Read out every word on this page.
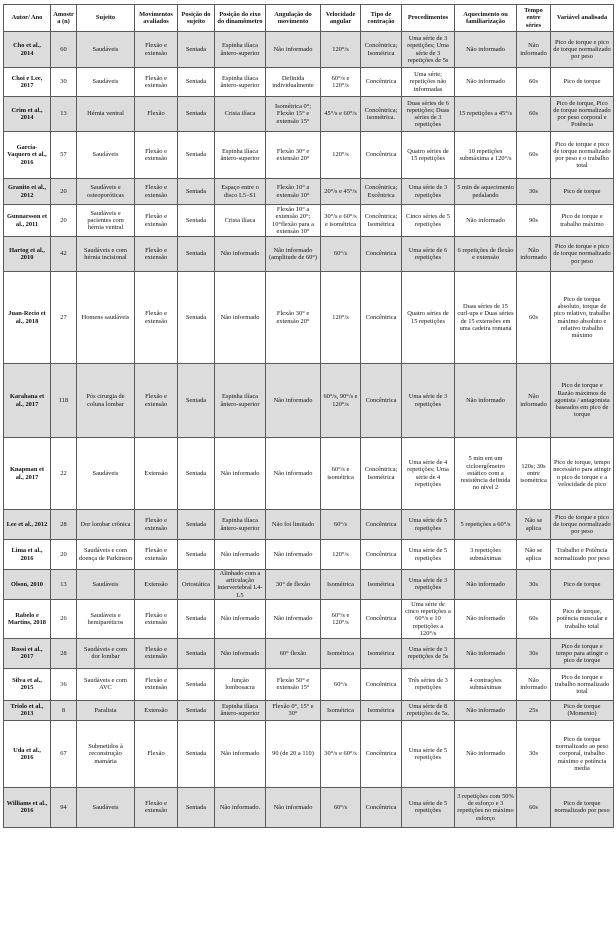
Autor/ Ano	Amostra (n)	Sujeito	Movimentos avaliados	Posição do sujeito	Posição do eixo do dinamômetro	Angulação do movimento	Velocidade angular	Tipo de contração	Procedimentos	Aquecimento ou familiarização	Tempo entre séries	Variável analisada
Cho et al., 2014	60	Saudáveis	Flexão e extensão	Sentada	Espinha ilíaca ântero-superior	Não informado	120°/s	Concêntrica; Isométrica	Uma série de 3 repetições; Uma série de 3 repetições de 5s	Não informado	Não informado	Pico de torque e pico de torque normalizado por peso
Choi e Lee, 2017	30	Saudáveis	Flexão e extensão	Sentada	Espinha ilíaca ântero-superior	Definida individualmente	60°/s e 120°/s	Concêntrica	Uma série; repetições não informadas	Não informado	60s	Pico de torque
Crim et al., 2014	13	Hérnia ventral	Flexão	Sentada	Crista ilíaca	Isométrica 0°; Flexão 15° e extensão 15°	45°/s e 60°/s	Concêntrica; isométrica.	Duas séries de 6 repetições; Duas séries de 3 repetições	15 repetições a 45°/s	60s	Pico de torque, Pico de torque normalizado por peso corporal e Potência
García-Vaquero et al., 2016	57	Saudáveis	Flexão e extensão	Sentada	Espinha ilíaca ântero-superior	Flexão 30° e extensão 20°	120°/s	Concêntrica	Quatro séries de 15 repetições	10 repetições submáxima a 120°/s	60s	Pico de torque e pico de torque normalizado por peso e o trabalho total
Granito et al., 2012	20	Saudáveis e osteoporóticas	Flexão e extensão	Sentada	Espaço entre o disco L5–S1	Flexão 10° a extensão 10°	20°/s e 45°/s	Concêntrica; Excêntrica	Uma série de 3 repetições	5 min de aquecimento pedalando	30s	Pico de torque
Gunnarsson et al., 2011	20	Saudáveis e pacientes com hérnia ventral	Flexão e extensão	Sentada	Crista ilíaca	Flexão 10° a extensão 20°; 10°flexão para a extensão 10°	30°/s e 60°/s e isométrica	Concêntrica; Isométrica	Cinco séries de 5 repetições	Não informado	90s	Pico de torque e trabalho máximo
Hartog et al., 2010	42	Saudáveis e com hérnia incisional	Flexão e extensão	Sentada	Não informado	Não informado (amplitude de 60°)	60°/s	Concêntrica	Uma série de 6 repetições	6 repetições de flexão e extensão	Não informado	Pico de torque e pico de torque normalizado por peso
Juan-Recio et al., 2018	27	Homens saudáveis	Flexão e extensão	Sentada	Não informado	Flexão 30° e extensão 20°	120°/s	Concêntrica	Quatro séries de 15 repetições	Duas séries de 15 curl-ups e Duas séries de 15 extensões em uma cadeira romana	60s	Pico de torque absoluto, torque de pico relativo, trabalho máximo absoluto e relativo trabalho máximo
Karahana et al., 2017	118	Pós cirurgia de coluna lombar	Flexão e extensão	Sentada	Espinha ilíaca ântero-superior	Não informado	60°/s, 90°/s e 120°/s	Concêntrica	Uma série de 3 repetições	Não informado	Não informado	Pico de torque e Razão máximos de agonista / antagonista baseados em pico de torque
Knapman et al., 2017	22	Saudáveis	Extensão	Sentada	Não informado	Não informado	60°/s e isométrica	Concêntrica; Isométrica	Uma série de 4 repetições; Uma série de 4 repetições	5 min em um cicloergômetro estático com a resistência definida no nível 2	120s; 30s entre isométrica	Pico de torque, tempo necessário para atingir o pico de torque e a velocidade de pico
Lee et al., 2012	28	Dor lombar crônica	Flexão e extensão	Sentada	Espinha ilíaca ântero-superior	Não foi limitado	60°/s	Concêntrica	Uma série de 5 repetições	5 repetições a 60°/s	Não se aplica	Pico de torque e pico de torque normalizado por peso
Lima et al., 2016	20	Saudáveis e com doença de Parkinson	Flexão e extensão	Sentada	Não informado	Não informado	120°/s	Concêntrica	Uma série de 5 repetições	3 repetições submáximas	Não se aplica	Trabalho e Potência normalizado por peso
Olson, 2010	13	Saudáveis	Extensão	Ortostática	Alinhado com a articulação intervertebral L4-L5	30° de flexão	Isométrica	Isométrica	Uma série de 3 repetições	Não informado	30s	Pico de torque
Rabelo e Martins, 2018	26	Saudáveis e hemiparéticos	Flexão e extensão	Sentada	Não informado	Não informado	60°/s e 120°/s	Concêntrica	Uma série de cinco repetições a 60°/s e 10 repetições a 120°/s	Não informado	60s	Pico de torque, potência muscular e trabalho total
Rossi et al., 2017	28	Saudáveis e com dor lombar	Flexão e extensão	Sentada	Não informado	60° flexão	Isométrica	Isométrica	Uma série de 3 repetições de 5s	Não informado	30s	Pico de torque e tempo para atingir o pico de torque
Silva et al., 2015	36	Saudáveis e com AVC	Flexão e extensão	Sentada	Junção lombosacra	Flexão 50° e extensão 15°	60°/s	Concêntrica	Três séries de 3 repetições	4 contrações submáximas	Não informado	Pico de torque e trabalho normalizado total
Triolo et al., 2013	8	Paralisia	Extensão	Sentada	Espinha ilíaca ântero-superior	Flexão 0°, 15° e 30°	Isométrica	Isométrica	Uma série de 8 repetições de 5s.	Não informado	25s	Pico de torque (Momento)
Uda et al., 2016	67	Submetidos à reconstrução mamária	Flexão	Sentada	Não informado	90 (de 20 a 110)	30°/s e 60°/s	Concêntrica	Uma série de 5 repetições	Não informado	30s	Pico de torque normalizado ao peso corporal, trabalho máximo e potência média
Williams et al., 2016	94	Saudáveis	Flexão e extensão	Sentada	Não informado.	Não informado	60°/s	Concêntrica	Uma série de 5 repetições	3 repetições com 50% de esforço e 3 repetições no máximo esforço	60s	Pico de torque normalizado por peso
